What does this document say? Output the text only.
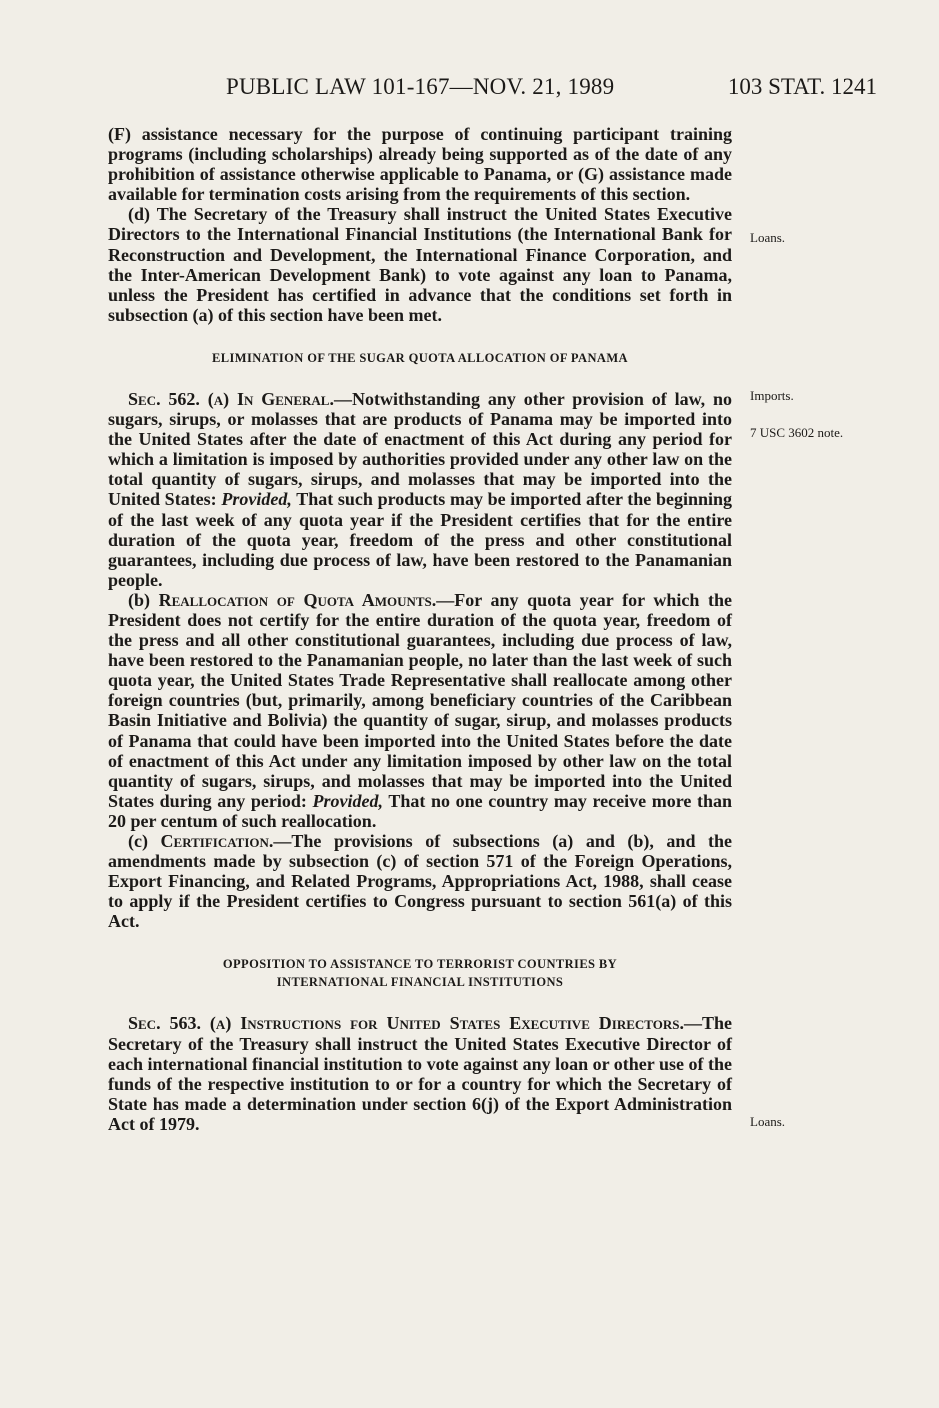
PUBLIC LAW 101-167—NOV. 21, 1989	103 STAT. 1241
Loans.
Imports.
7 USC 3602 note.
Loans.

(F) assistance necessary for the purpose of continuing participant training programs (including scholarships) already being supported as of the date of any prohibition of assistance otherwise applicable to Panama, or (G) assistance made available for termination costs arising from the requirements of this section.

(d) The Secretary of the Treasury shall instruct the United States Executive Directors to the International Financial Institutions (the International Bank for Reconstruction and Development, the International Finance Corporation, and the Inter-American Development Bank) to vote against any loan to Panama, unless the President has certified in advance that the conditions set forth in subsection (a) of this section have been met.

ELIMINATION OF THE SUGAR QUOTA ALLOCATION OF PANAMA

Sec. 562. (a) In General.—Notwithstanding any other provision of law, no sugars, sirups, or molasses that are products of Panama may be imported into the United States after the date of enactment of this Act during any period for which a limitation is imposed by authorities provided under any other law on the total quantity of sugars, sirups, and molasses that may be imported into the United States: Provided, That such products may be imported after the beginning of the last week of any quota year if the President certifies that for the entire duration of the quota year, freedom of the press and other constitutional guarantees, including due process of law, have been restored to the Panamanian people.

(b) Reallocation of Quota Amounts.—For any quota year for which the President does not certify for the entire duration of the quota year, freedom of the press and all other constitutional guarantees, including due process of law, have been restored to the Panamanian people, no later than the last week of such quota year, the United States Trade Representative shall reallocate among other foreign countries (but, primarily, among beneficiary countries of the Caribbean Basin Initiative and Bolivia) the quantity of sugar, sirup, and molasses products of Panama that could have been imported into the United States before the date of enactment of this Act under any limitation imposed by other law on the total quantity of sugars, sirups, and molasses that may be imported into the United States during any period: Provided, That no one country may receive more than 20 per centum of such reallocation.

(c) Certification.—The provisions of subsections (a) and (b), and the amendments made by subsection (c) of section 571 of the Foreign Operations, Export Financing, and Related Programs, Appropriations Act, 1988, shall cease to apply if the President certifies to Congress pursuant to section 561(a) of this Act.

OPPOSITION TO ASSISTANCE TO TERRORIST COUNTRIES BY
INTERNATIONAL FINANCIAL INSTITUTIONS

Sec. 563. (a) Instructions for United States Executive Directors.—The Secretary of the Treasury shall instruct the United States Executive Director of each international financial institution to vote against any loan or other use of the funds of the respective institution to or for a country for which the Secretary of State has made a determination under section 6(j) of the Export Administration Act of 1979.
